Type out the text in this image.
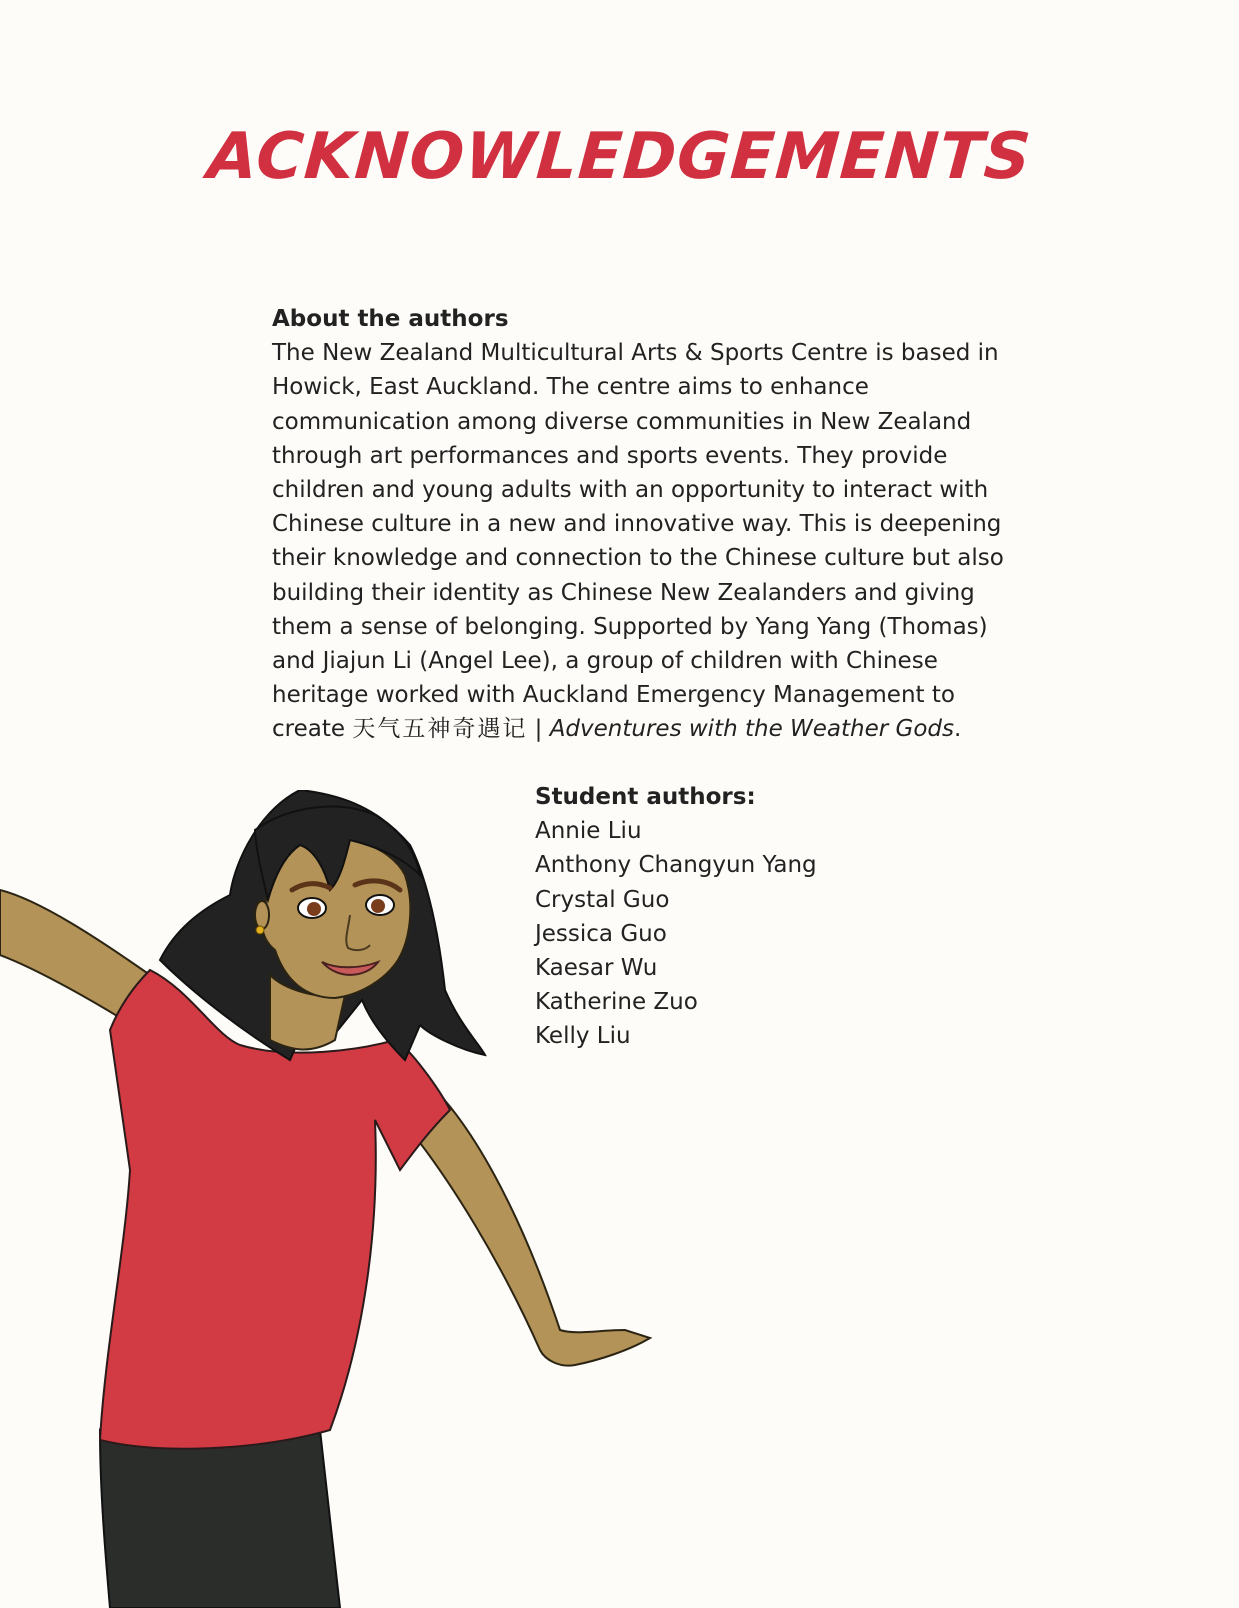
ACKNOWLEDGEMENTS

About the authors

The New Zealand Multicultural Arts & Sports Centre is based in Howick, East Auckland. The centre aims to enhance communication among diverse communities in New Zealand through art performances and sports events. They provide children and young adults with an opportunity to interact with Chinese culture in a new and innovative way. This is deepening their knowledge and connection to the Chinese culture but also building their identity as Chinese New Zealanders and giving them a sense of belonging. Supported by Yang Yang (Thomas) and Jiajun Li (Angel Lee), a group of children with Chinese heritage worked with Auckland Emergency Management to create 天气五神奇遇记 | Adventures with the Weather Gods.

Student authors:

Annie Liu
Anthony Changyun Yang
Crystal Guo
Jessica Guo
Kaesar Wu
Katherine Zuo
Kelly Liu
